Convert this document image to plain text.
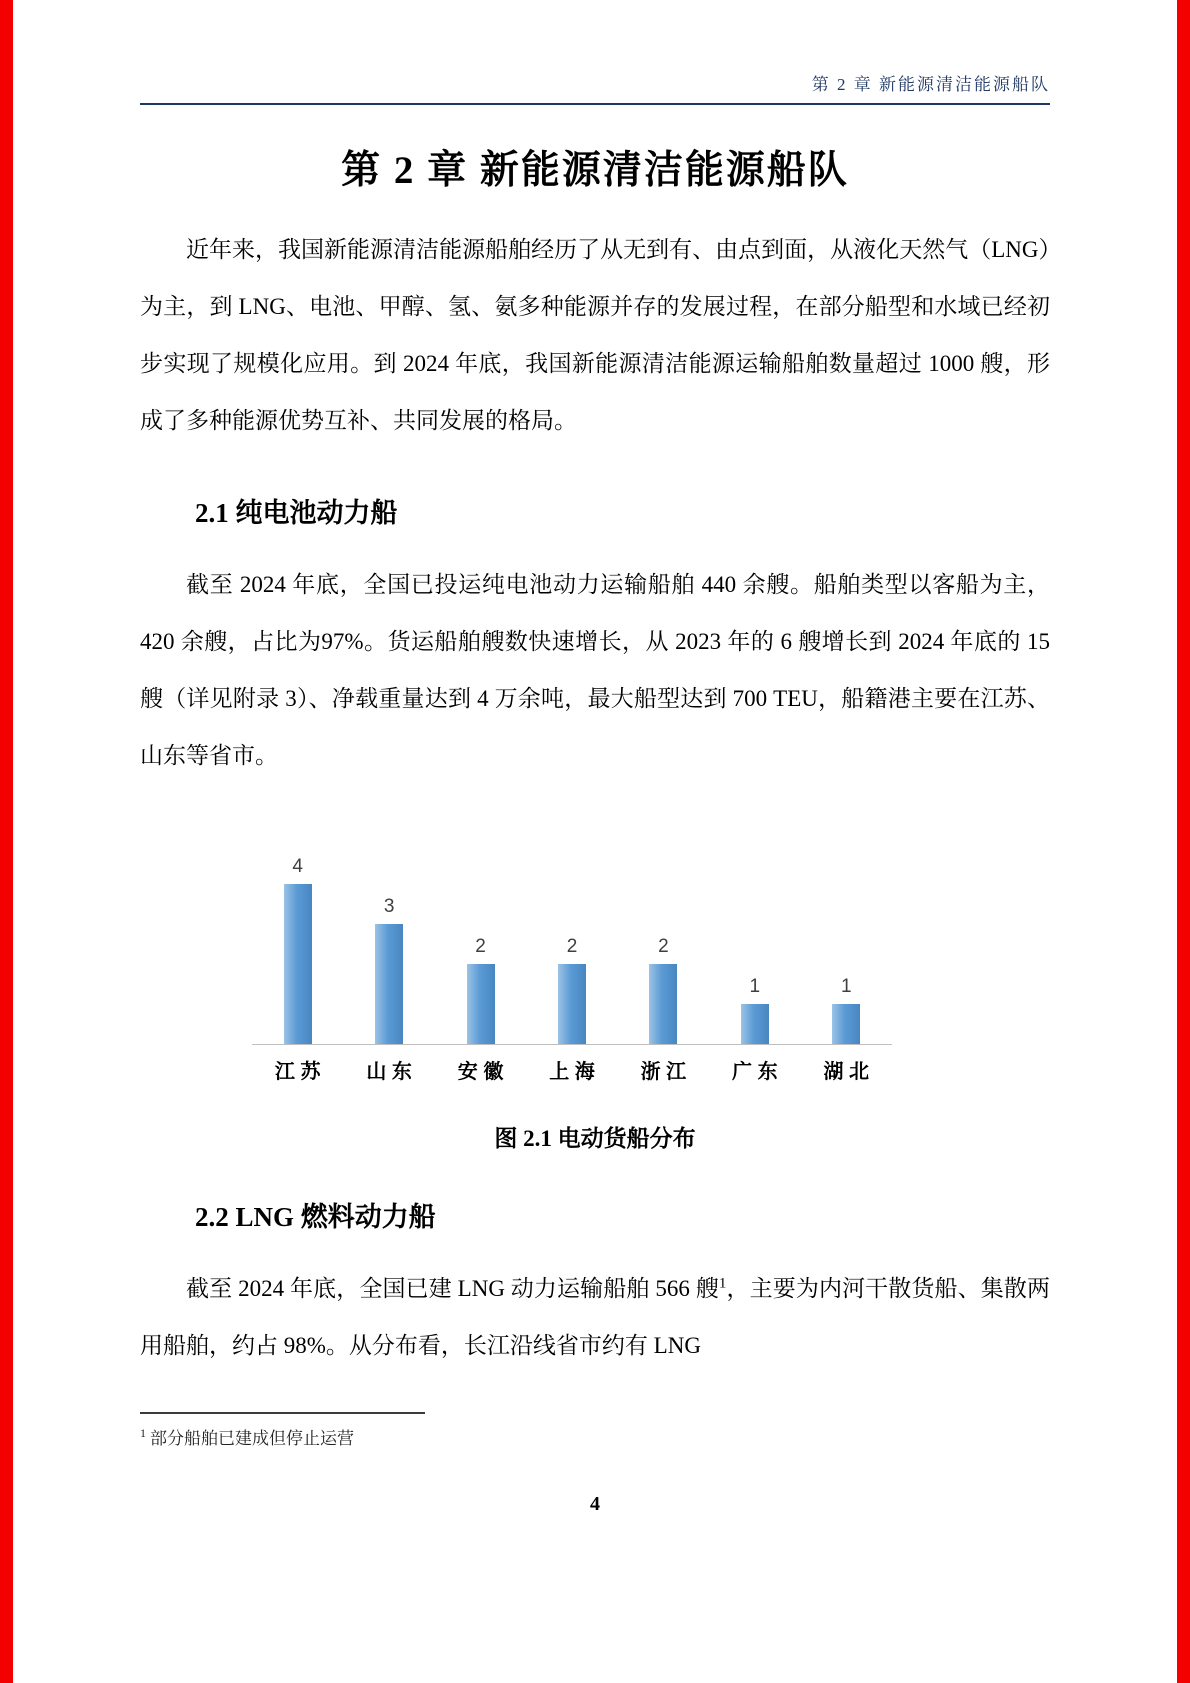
第 2 章 新能源清洁能源船队
第 2 章 新能源清洁能源船队

近年来，我国新能源清洁能源船舶经历了从无到有、由点到面，从液化天然气（LNG）为主，到 LNG、电池、甲醇、氢、氨多种能源并存的发展过程，在部分船型和水域已经初步实现了规模化应用。到 2024 年底，我国新能源清洁能源运输船舶数量超过 1000 艘，形成了多种能源优势互补、共同发展的格局。

2.1 纯电池动力船

截至 2024 年底，全国已投运纯电池动力运输船舶 440 余艘。船舶类型以客船为主，420 余艘，占比为97%。货运船舶艘数快速增长，从 2023 年的 6 艘增长到 2024 年底的 15 艘（详见附录 3）、净载重量达到 4 万余吨，最大船型达到 700 TEU，船籍港主要在江苏、山东等省市。

4
3
2	2	2
1	1
江 苏	山 东	安 徽	上 海	浙 江	广 东	湖 北
图 2.1 电动货船分布
2.2 LNG 燃料动力船

截至 2024 年底，全国已建 LNG 动力运输船舶 566 艘$^1$，主要为内河干散货船、集散两用船舶，约占 98%。从分布看，长江沿线省市约有 LNG

$^1$ 部分船舶已建成但停止运营
4
